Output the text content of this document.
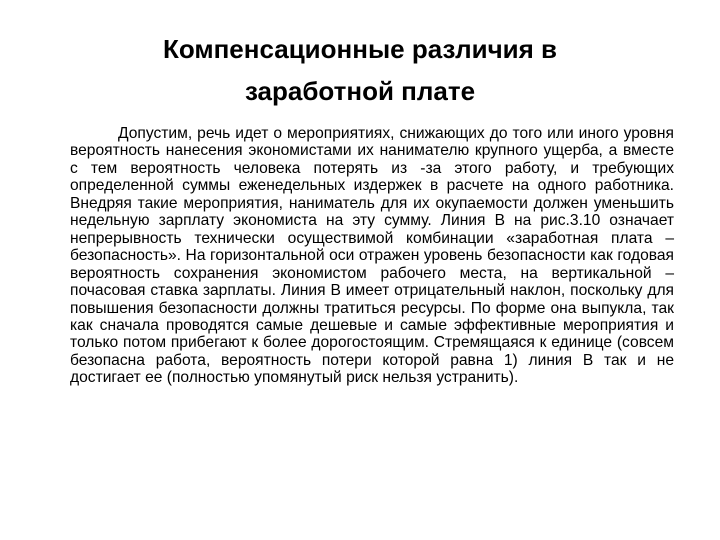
Компенсационные различия в
заработной плате

Допустим, речь идет о мероприятиях, снижающих до того или иного уровня вероятность нанесения экономистами их нанимателю крупного ущерба, а вместе с тем вероятность человека потерять из -за этого работу, и требующих определенной суммы еженедельных издержек в расчете на одного работника. Внедряя такие мероприятия, наниматель для их окупаемости должен уменьшить недельную зарплату экономиста на эту сумму. Линия В на рис.3.10 означает непрерывность технически осуществимой комбинации «заработная плата – безопасность». На горизонтальной оси отражен уровень безопасности как годовая вероятность сохранения экономистом рабочего места, на вертикальной – почасовая ставка зарплаты. Линия В имеет отрицательный наклон, поскольку для повышения безопасности должны тратиться ресурсы. По форме она выпукла, так как сначала проводятся самые дешевые и самые эффективные мероприятия и только потом прибегают к более дорогостоящим. Стремящаяся к единице (совсем безопасна работа, вероятность потери которой равна 1) линия В так и не достигает ее (полностью упомянутый риск нельзя устранить).
